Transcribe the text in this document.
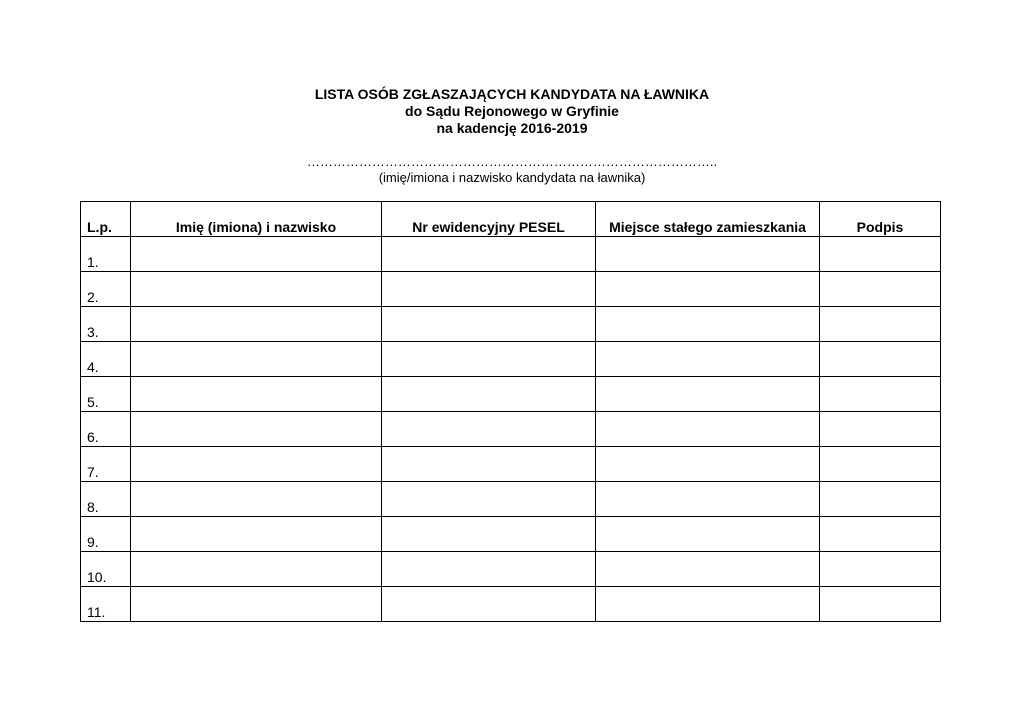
LISTA OSÓB ZGŁASZAJĄCYCH KANDYDATA NA ŁAWNIKA
do Sądu Rejonowego w Gryfinie
na kadencję 2016-2019
…………………………………………………………………………………..
(imię/imiona i nazwisko kandydata na ławnika)
L.p.	Imię (imiona) i nazwisko	Nr ewidencyjny PESEL	Miejsce stałego zamieszkania	Podpis
1.				
2.				
3.				
4.				
5.				
6.				
7.				
8.				
9.				
10.				
11.				
